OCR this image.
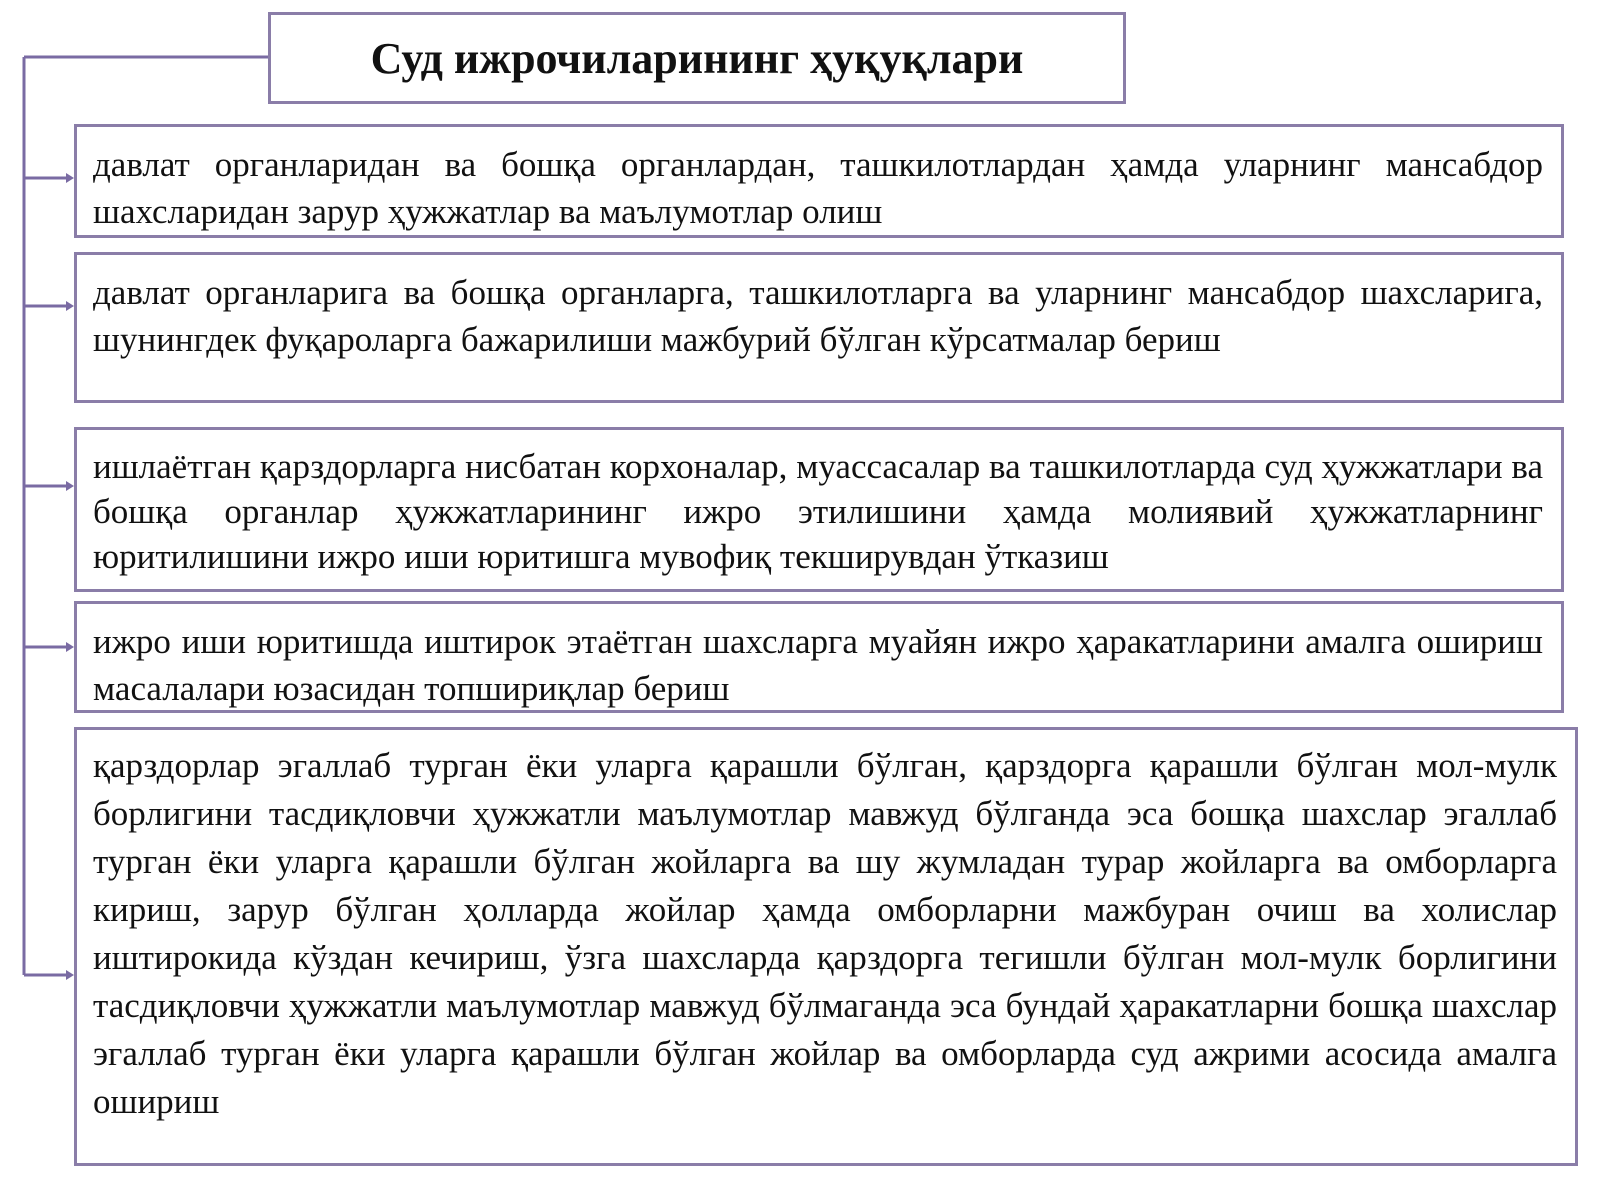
Суд ижрочиларининг ҳуқуқлари

давлат органларидан ва бошқа органлардан, ташкилотлардан ҳамда уларнинг мансабдор шахсларидан зарур ҳужжатлар ва маълумотлар олиш

давлат органларига ва бошқа органларга, ташкилотларга ва уларнинг мансабдор шахсларига, шунингдек фуқароларга бажарилиши мажбурий бўлган кўрсатмалар бериш

ишлаётган қарздорларга нисбатан корхоналар, муассасалар ва ташкилотларда суд ҳужжатлари ва бошқа органлар ҳужжатларининг ижро этилишини ҳамда молиявий ҳужжатларнинг юритилишини ижро иши юритишга мувофиқ текширувдан ўтказиш

ижро иши юритишда иштирок этаётган шахсларга муайян ижро ҳаракатларини амалга ошириш масалалари юзасидан топшириқлар бериш

қарздорлар эгаллаб турган ёки уларга қарашли бўлган, қарздорга қарашли бўлган мол-мулк борлигини тасдиқловчи ҳужжатли маълумотлар мавжуд бўлганда эса бошқа шахслар эгаллаб турган ёки уларга қарашли бўлган жойларга ва шу жумладан турар жойларга ва омборларга кириш, зарур бўлган ҳолларда жойлар ҳамда омборларни мажбуран очиш ва холислар иштирокида кўздан кечириш, ўзга шахсларда қарздорга тегишли бўлган мол-мулк борлигини тасдиқловчи ҳужжатли маълумотлар мавжуд бўлмаганда эса бундай ҳаракатларни бошқа шахслар эгаллаб турган ёки уларга қарашли бўлган жойлар ва омборларда суд ажрими асосида амалга ошириш
